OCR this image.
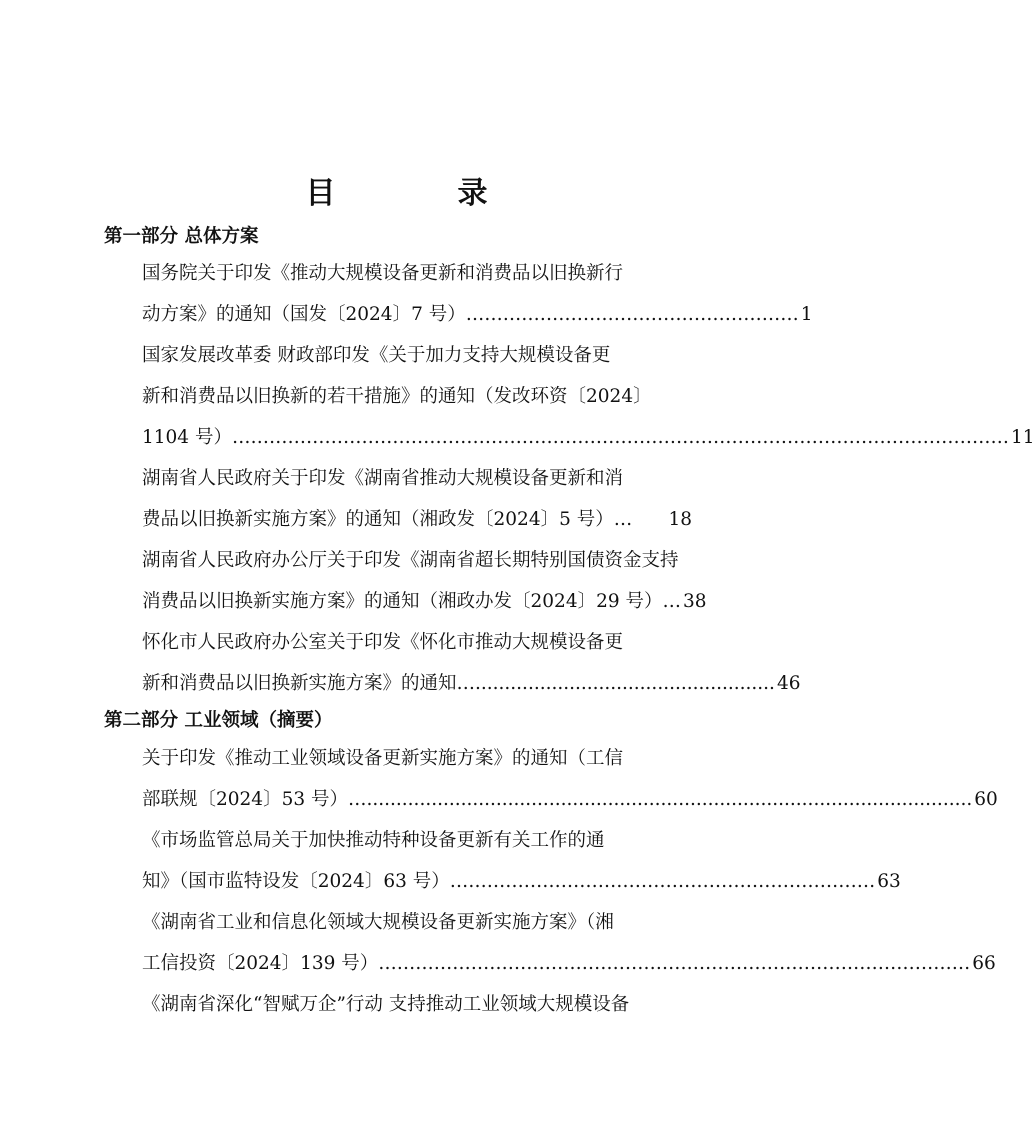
目　录
第一部分 总体方案
国务院关于印发《推动大规模设备更新和消费品以旧换新行
动方案》的通知（国发〔2024〕7 号） ……………………………………………… 1
国家发展改革委 财政部印发《关于加力支持大规模设备更
新和消费品以旧换新的若干措施》的通知（发改环资〔2024〕
1104 号） ……………………………………………………………………………………………………………… 11
湖南省人民政府关于印发《湖南省推动大规模设备更新和消
费品以旧换新实施方案》的通知（湘政发〔2024〕5 号） …	18
湖南省人民政府办公厅关于印发《湖南省超长期特别国债资金支持
消费品以旧换新实施方案》的通知（湘政办发〔2024〕29 号） … 38
怀化市人民政府办公室关于印发《怀化市推动大规模设备更
新和消费品以旧换新实施方案》的通知 …................................................... 46
第二部分 工业领域（摘要）
关于印发《推动工业领域设备更新实施方案》的通知（工信
部联规〔2024〕53 号） …....................................................................................................... 60
《市场监管总局关于加快推动特种设备更新有关工作的通
知》（国市监特设发〔2024〕63 号） …………………………………………………………… 63
《湖南省工业和信息化领域大规模设备更新实施方案》（湘
工信投资〔2024〕139 号） …………………………………………………………………………………… 66
《湖南省深化“智赋万企”行动 支持推动工业领域大规模设备
